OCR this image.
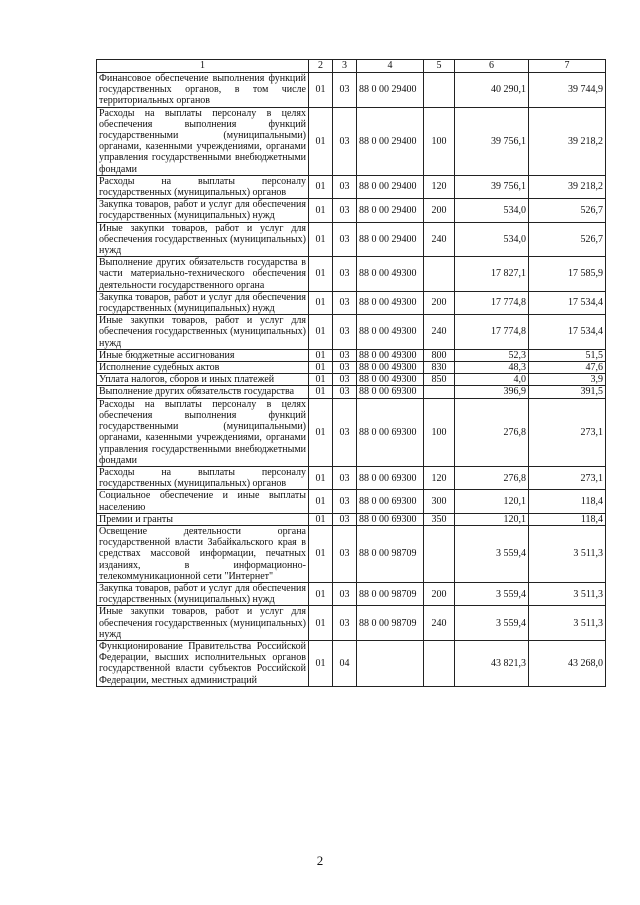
1	2	3	4	5	6	7
Финансовое обеспечение выполнения функций государственных органов, в том числе территориальных органов	01	03	88 0 00 29400		40 290,1	39 744,9
Расходы на выплаты персоналу в целях обеспечения выполнения функций государственными (муниципальными) органами, казенными учреждениями, органами управления государственными внебюджетными фондами	01	03	88 0 00 29400	100	39 756,1	39 218,2
Расходы на выплаты персоналу государственных (муниципальных) органов	01	03	88 0 00 29400	120	39 756,1	39 218,2
Закупка товаров, работ и услуг для обеспечения государственных (муниципальных) нужд	01	03	88 0 00 29400	200	534,0	526,7
Иные закупки товаров, работ и услуг для обеспечения государственных (муниципальных) нужд	01	03	88 0 00 29400	240	534,0	526,7
Выполнение других обязательств государства в части материально-технического обеспечения деятельности государственного органа	01	03	88 0 00 49300		17 827,1	17 585,9
Закупка товаров, работ и услуг для обеспечения государственных (муниципальных) нужд	01	03	88 0 00 49300	200	17 774,8	17 534,4
Иные закупки товаров, работ и услуг для обеспечения государственных (муниципальных) нужд	01	03	88 0 00 49300	240	17 774,8	17 534,4
Иные бюджетные ассигнования	01	03	88 0 00 49300	800	52,3	51,5
Исполнение судебных актов	01	03	88 0 00 49300	830	48,3	47,6
Уплата налогов, сборов и иных платежей	01	03	88 0 00 49300	850	4,0	3,9
Выполнение других обязательств государства	01	03	88 0 00 69300		396,9	391,5
Расходы на выплаты персоналу в целях обеспечения выполнения функций государственными (муниципальными) органами, казенными учреждениями, органами управления государственными внебюджетными фондами	01	03	88 0 00 69300	100	276,8	273,1
Расходы на выплаты персоналу государственных (муниципальных) органов	01	03	88 0 00 69300	120	276,8	273,1
Социальное обеспечение и иные выплаты населению	01	03	88 0 00 69300	300	120,1	118,4
Премии и гранты	01	03	88 0 00 69300	350	120,1	118,4
Освещение деятельности органа государственной власти Забайкальского края в средствах массовой информации, печатных изданиях, в информационно-телекоммуникационной сети "Интернет"	01	03	88 0 00 98709		3 559,4	3 511,3
Закупка товаров, работ и услуг для обеспечения государственных (муниципальных) нужд	01	03	88 0 00 98709	200	3 559,4	3 511,3
Иные закупки товаров, работ и услуг для обеспечения государственных (муниципальных) нужд	01	03	88 0 00 98709	240	3 559,4	3 511,3
Функционирование Правительства Российской Федерации, высших исполнительных органов государственной власти субъектов Российской Федерации, местных администраций	01	04			43 821,3	43 268,0
2
